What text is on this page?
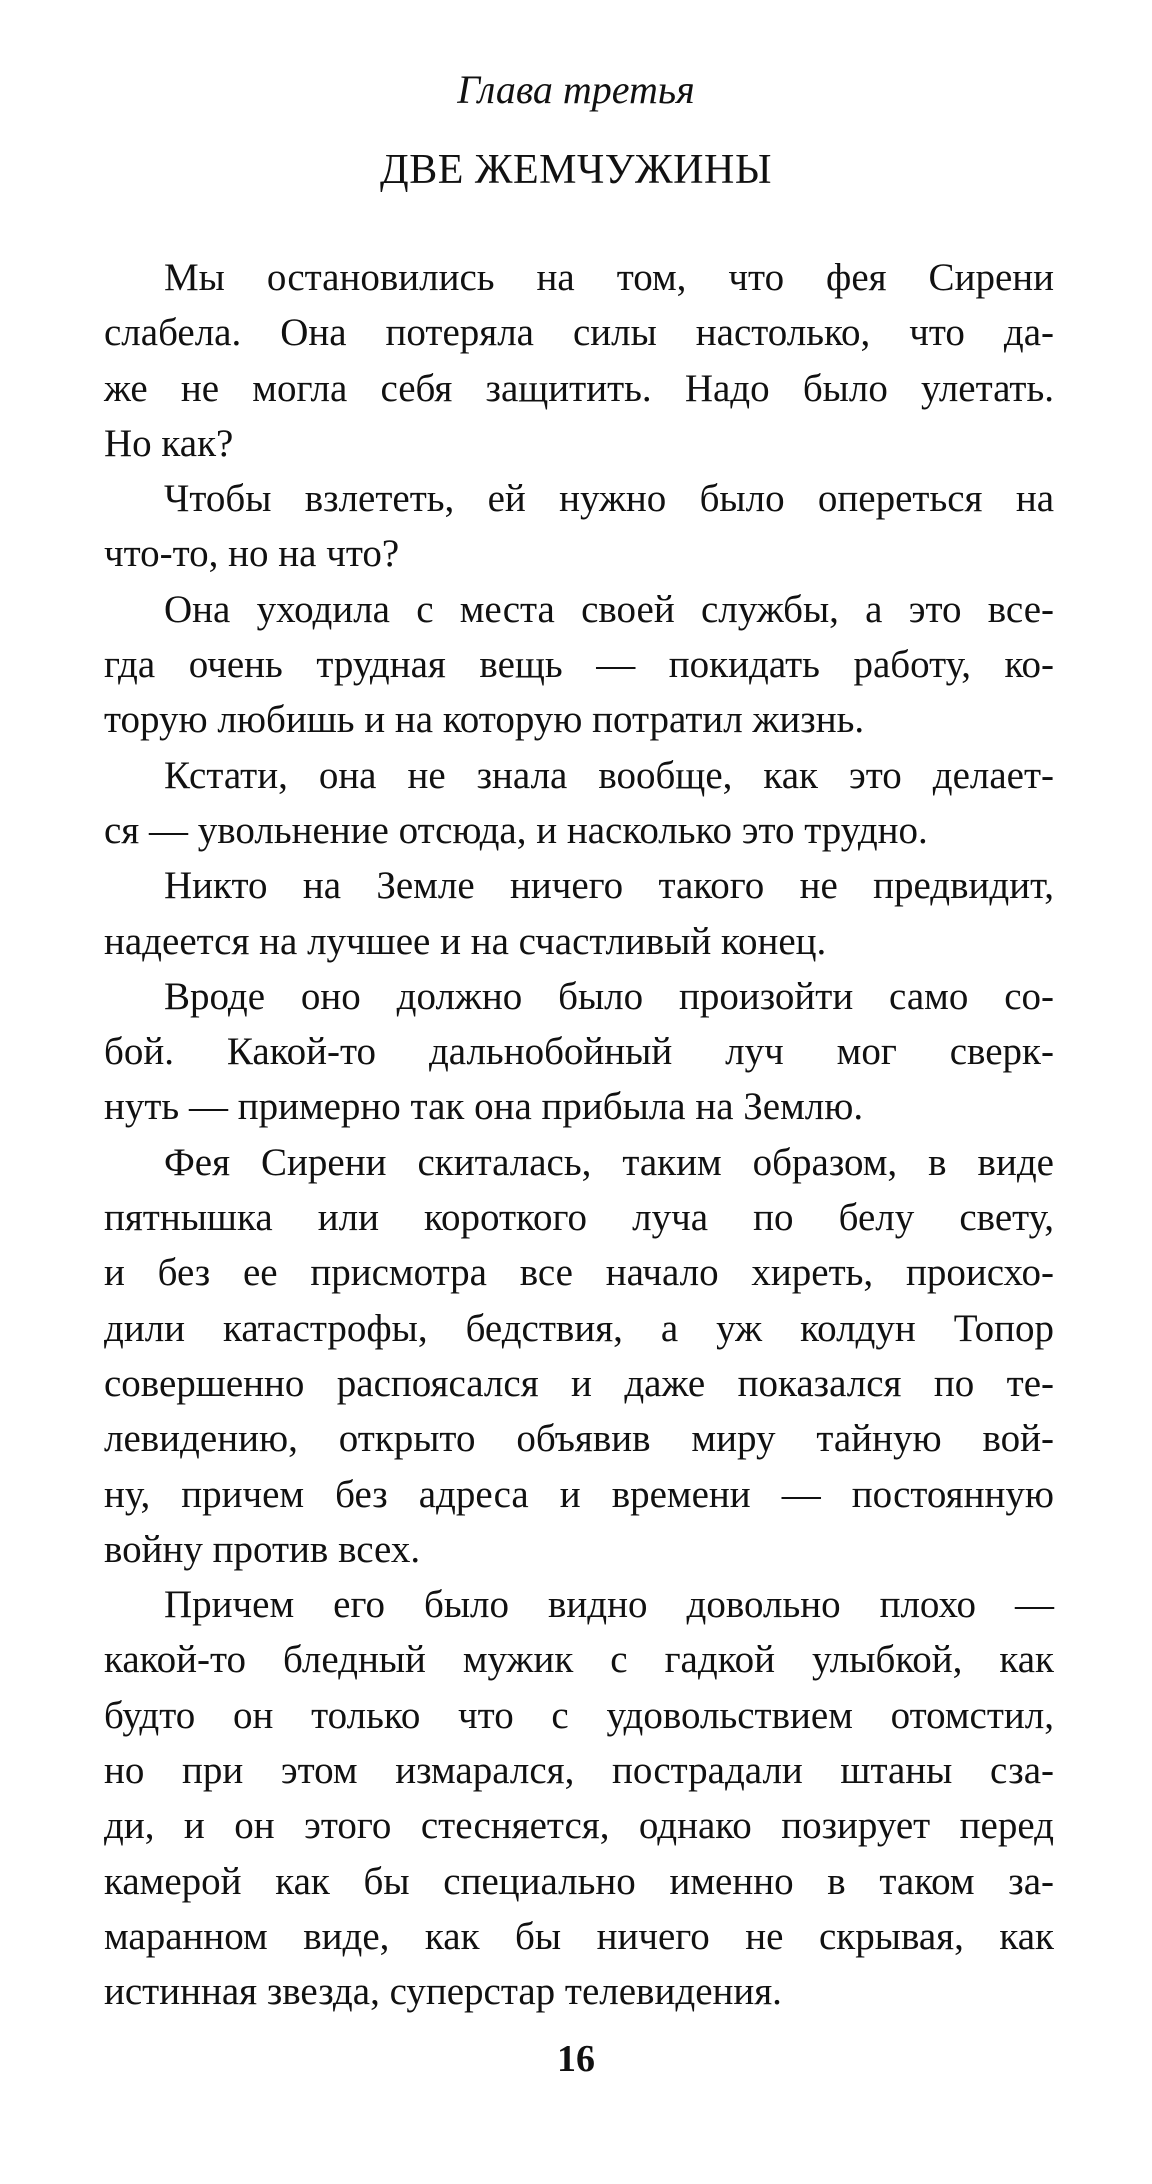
Глава третья
ДВЕ ЖЕМЧУЖИНЫ
Мы остановились на том, что фея Сирени
слабела. Она потеряла силы настолько, что да-
же не могла себя защитить. Надо было улетать.
Но как?
Чтобы взлететь, ей нужно было опереться на
что-то, но на что?
Она уходила с места своей службы, а это все-
гда очень трудная вещь — покидать работу, ко-
торую любишь и на которую потратил жизнь.
Кстати, она не знала вообще, как это делает-
ся — увольнение отсюда, и насколько это трудно.
Никто на Земле ничего такого не предвидит,
надеется на лучшее и на счастливый конец.
Вроде оно должно было произойти само со-
бой. Какой-то дальнобойный луч мог сверк-
нуть — примерно так она прибыла на Землю.
Фея Сирени скиталась, таким образом, в виде
пятнышка или короткого луча по белу свету,
и без ее присмотра все начало хиреть, происхо-
дили катастрофы, бедствия, а уж колдун Топор
совершенно распоясался и даже показался по те-
левидению, открыто объявив миру тайную вой-
ну, причем без адреса и времени — постоянную
войну против всех.
Причем его было видно довольно плохо —
какой-то бледный мужик с гадкой улыбкой, как
будто он только что с удовольствием отомстил,
но при этом измарался, пострадали штаны сза-
ди, и он этого стесняется, однако позирует перед
камерой как бы специально именно в таком за-
маранном виде, как бы ничего не скрывая, как
истинная звезда, суперстар телевидения.
16
